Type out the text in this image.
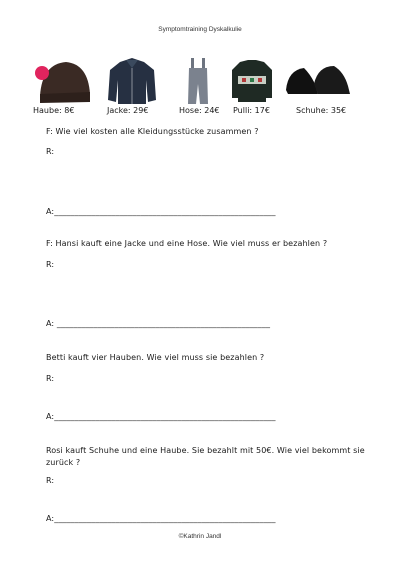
Symptomtraining Dyskalkulie
Haube: 8€	Jacke: 29€	Hose: 24€ Pulli: 17€	Schuhe: 35€
F: Wie viel kosten alle Kleidungsstücke zusammen ?
R:
A:______________________________________________________
F: Hansi kauft eine Jacke und eine Hose. Wie viel muss er bezahlen ?
R:
A: ____________________________________________________
Betti kauft vier Hauben. Wie viel muss sie bezahlen ?
R:
A:______________________________________________________
Rosi kauft Schuhe und eine Haube. Sie bezahlt mit 50€. Wie viel bekommt sie zurück ?
R:
A:______________________________________________________
©Kathrin Jandl
